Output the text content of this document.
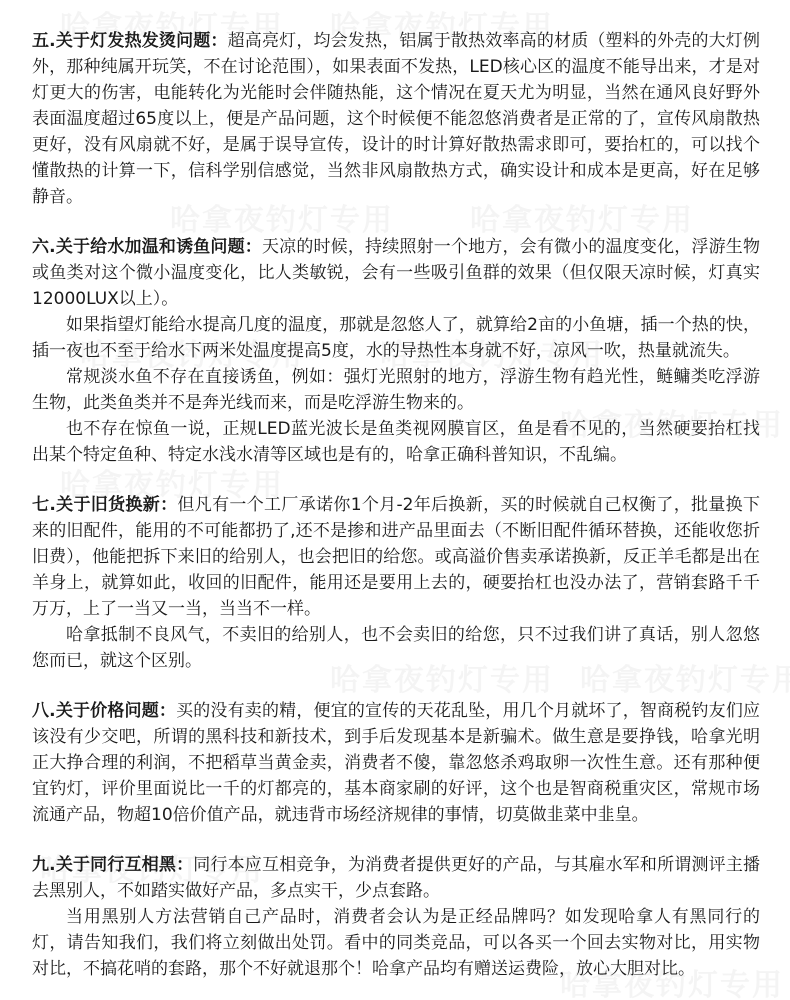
五.关于灯发热发烫问题：超高亮灯，均会发热，铝属于散热效率高的材质（塑料的外壳的大灯例外，那种纯属开玩笑，不在讨论范围），如果表面不发热，LED核心区的温度不能导出来，才是对灯更大的伤害，电能转化为光能时会伴随热能，这个情况在夏天尤为明显，当然在通风良好野外表面温度超过65度以上，便是产品问题，这个时候便不能忽悠消费者是正常的了，宣传风扇散热更好，没有风扇就不好，是属于误导宣传，设计的时计算好散热需求即可，要抬杠的，可以找个懂散热的计算一下，信科学别信感觉，当然非风扇散热方式，确实设计和成本是更高，好在足够静音。

六.关于给水加温和诱鱼问题：天凉的时候，持续照射一个地方，会有微小的温度变化，浮游生物或鱼类对这个微小温度变化，比人类敏锐，会有一些吸引鱼群的效果（但仅限天凉时候，灯真实12000LUX以上）。

如果指望灯能给水提高几度的温度，那就是忽悠人了，就算给2亩的小鱼塘，插一个热的快，插一夜也不至于给水下两米处温度提高5度，水的导热性本身就不好，凉风一吹，热量就流失。

常规淡水鱼不存在直接诱鱼，例如：强灯光照射的地方，浮游生物有趋光性，鲢鳙类吃浮游生物，此类鱼类并不是奔光线而来，而是吃浮游生物来的。

也不存在惊鱼一说，正规LED蓝光波长是鱼类视网膜盲区，鱼是看不见的，当然硬要抬杠找出某个特定鱼种、特定水浅水清等区域也是有的，哈拿正确科普知识，不乱编。

七.关于旧货换新：但凡有一个工厂承诺你1个月-2年后换新，买的时候就自己权衡了，批量换下来的旧配件，能用的不可能都扔了,还不是掺和进产品里面去（不断旧配件循环替换，还能收您折旧费），他能把拆下来旧的给别人，也会把旧的给您。或高溢价售卖承诺换新，反正羊毛都是出在羊身上，就算如此，收回的旧配件，能用还是要用上去的，硬要抬杠也没办法了，营销套路千千万万，上了一当又一当，当当不一样。

哈拿抵制不良风气，不卖旧的给别人，也不会卖旧的给您，只不过我们讲了真话，别人忽悠您而已，就这个区别。

八.关于价格问题：买的没有卖的精，便宜的宣传的天花乱坠，用几个月就坏了，智商税钓友们应该没有少交吧，所谓的黑科技和新技术，到手后发现基本是新骗术。做生意是要挣钱，哈拿光明正大挣合理的利润，不把稻草当黄金卖，消费者不傻，靠忽悠杀鸡取卵一次性生意。还有那种便宜钓灯，评价里面说比一千的灯都亮的，基本商家刷的好评，这个也是智商税重灾区，常规市场流通产品，物超10倍价值产品，就违背市场经济规律的事情，切莫做韭菜中韭皇。

九.关于同行互相黑：同行本应互相竞争，为消费者提供更好的产品，与其雇水军和所谓测评主播去黑别人，不如踏实做好产品，多点实干，少点套路。

当用黑别人方法营销自己产品时，消费者会认为是正经品牌吗？如发现哈拿人有黑同行的灯，请告知我们，我们将立刻做出处罚。看中的同类竞品，可以各买一个回去实物对比，用实物对比，不搞花哨的套路，那个不好就退那个！哈拿产品均有赠送运费险，放心大胆对比。
